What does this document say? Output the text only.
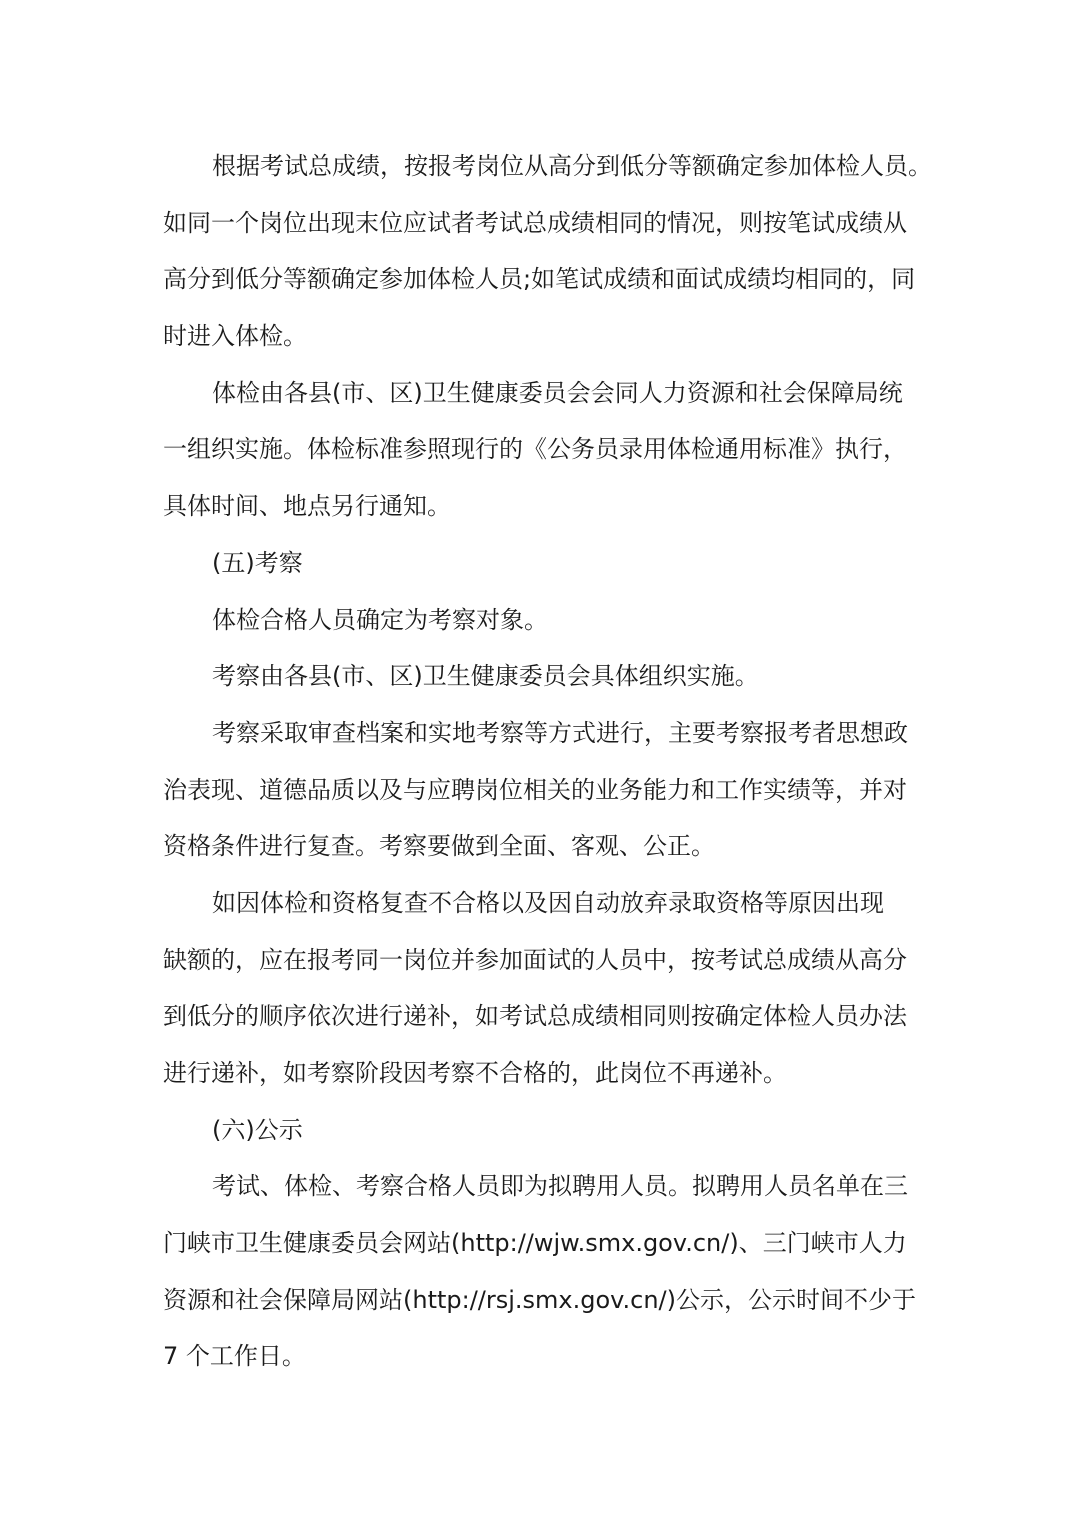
根据考试总成绩，按报考岗位从高分到低分等额确定参加体检人员。
如同一个岗位出现末位应试者考试总成绩相同的情况，则按笔试成绩从
高分到低分等额确定参加体检人员;如笔试成绩和面试成绩均相同的，同
时进入体检。
体检由各县(市、区)卫生健康委员会会同人力资源和社会保障局统
一组织实施。体检标准参照现行的《公务员录用体检通用标准》执行，
具体时间、地点另行通知。
(五)考察
体检合格人员确定为考察对象。
考察由各县(市、区)卫生健康委员会具体组织实施。
考察采取审查档案和实地考察等方式进行，主要考察报考者思想政
治表现、道德品质以及与应聘岗位相关的业务能力和工作实绩等，并对
资格条件进行复查。考察要做到全面、客观、公正。
如因体检和资格复查不合格以及因自动放弃录取资格等原因出现
缺额的，应在报考同一岗位并参加面试的人员中，按考试总成绩从高分
到低分的顺序依次进行递补，如考试总成绩相同则按确定体检人员办法
进行递补，如考察阶段因考察不合格的，此岗位不再递补。
(六)公示
考试、体检、考察合格人员即为拟聘用人员。拟聘用人员名单在三
门峡市卫生健康委员会网站(http://wjw.smx.gov.cn/)、三门峡市人力
资源和社会保障局网站(http://rsj.smx.gov.cn/)公示，公示时间不少于
7 个工作日。
